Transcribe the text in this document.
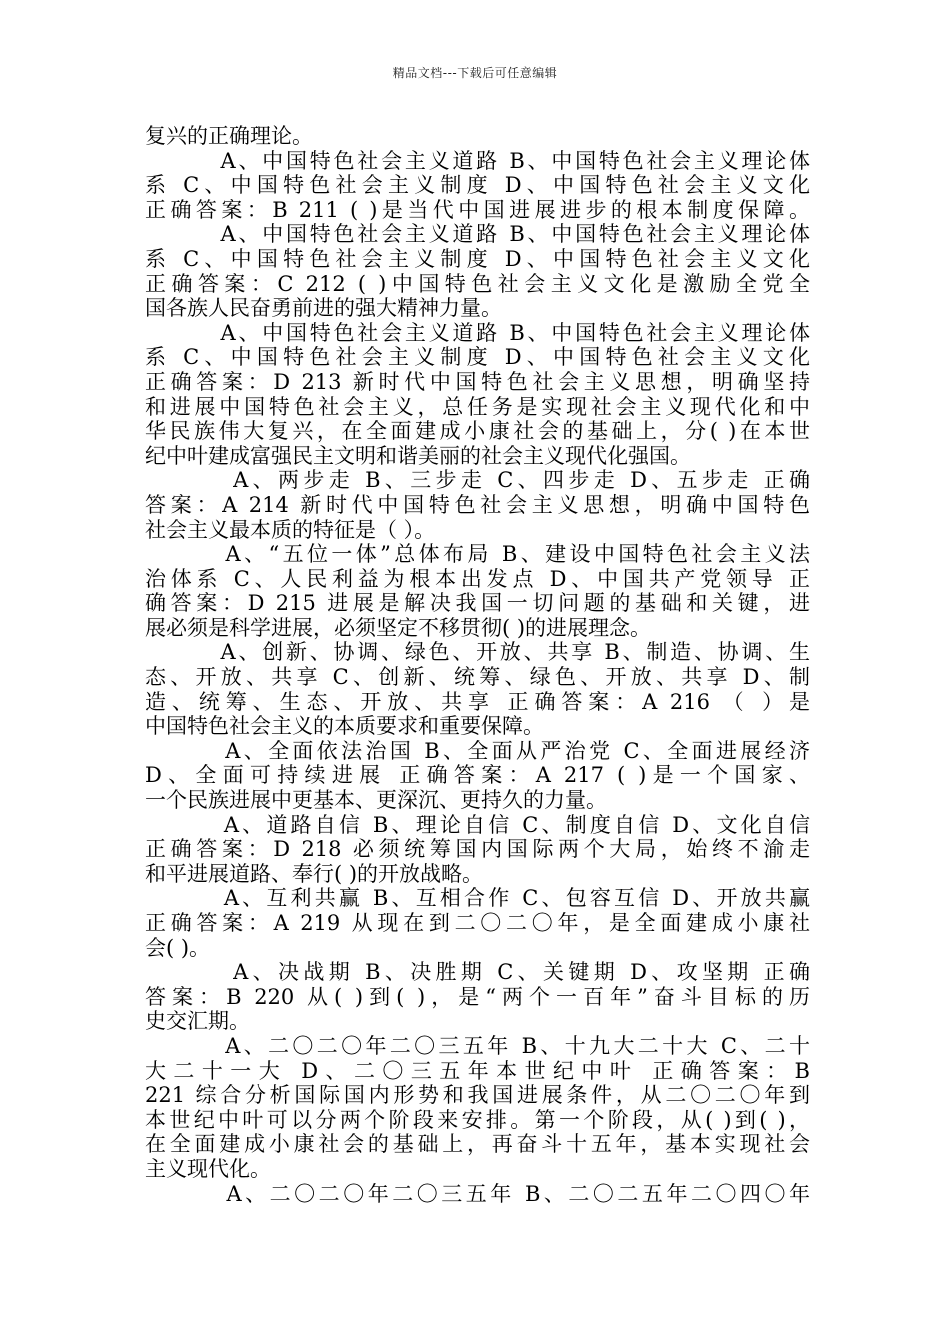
精品文档---下载后可任意编辑
复兴的正确理论。
A、中国特色社会主义道路 B、中国特色社会主义理论体
系 C、中国特色社会主义制度 D、中国特色社会主义文化
正确答案：B 211 ( )是当代中国进展进步的根本制度保障。
A、中国特色社会主义道路 B、中国特色社会主义理论体
系 C、中国特色社会主义制度 D、中国特色社会主义文化
正确答案：C 212 ( )中国特色社会主义文化是激励全党全
国各族人民奋勇前进的强大精神力量。
A、中国特色社会主义道路 B、中国特色社会主义理论体
系 C、中国特色社会主义制度 D、中国特色社会主义文化
正确答案：D 213 新时代中国特色社会主义思想，明确坚持
和进展中国特色社会主义，总任务是实现社会主义现代化和中
华民族伟大复兴，在全面建成小康社会的基础上，分( )在本世
纪中叶建成富强民主文明和谐美丽的社会主义现代化强国。
A、两步走 B、三步走 C、四步走 D、五步走 正确
答案：A 214 新时代中国特色社会主义思想，明确中国特色
社会主义最本质的特征是（ ）。
A、“五位一体”总体布局 B、建设中国特色社会主义法
治体系 C、人民利益为根本出发点 D、中国共产党领导 正
确答案：D 215 进展是解决我国一切问题的基础和关键，进
展必须是科学进展，必须坚定不移贯彻( )的进展理念。
A、创新、协调、绿色、开放、共享 B、制造、协调、生
态、开放、共享 C、创新、统筹、绿色、开放、共享 D、制
造、统筹、生态、开放、共享 正确答案：A 216 （ ）是
中国特色社会主义的本质要求和重要保障。
A、全面依法治国 B、全面从严治党 C、全面进展经济
D、全面可持续进展 正确答案：A 217 ( )是一个国家、
一个民族进展中更基本、更深沉、更持久的力量。
A、道路自信 B、理论自信 C、制度自信 D、文化自信
正确答案：D 218 必须统筹国内国际两个大局，始终不渝走
和平进展道路、奉行( )的开放战略。
A、互利共赢 B、互相合作 C、包容互信 D、开放共赢
正确答案：A 219 从现在到二〇二〇年，是全面建成小康社
会( )。
A、决战期 B、决胜期 C、关键期 D、攻坚期 正确
答案：B 220 从( )到( )，是“两个一百年”奋斗目标的历
史交汇期。
A、二〇二〇年二〇三五年 B、十九大二十大 C、二十
大二十一大 D、二〇三五年本世纪中叶 正确答案：B
221 综合分析国际国内形势和我国进展条件，从二〇二〇年到
本世纪中叶可以分两个阶段来安排。第一个阶段，从( )到( )，
在全面建成小康社会的基础上，再奋斗十五年，基本实现社会
主义现代化。
A、二〇二〇年二〇三五年 B、二〇二五年二〇四〇年
